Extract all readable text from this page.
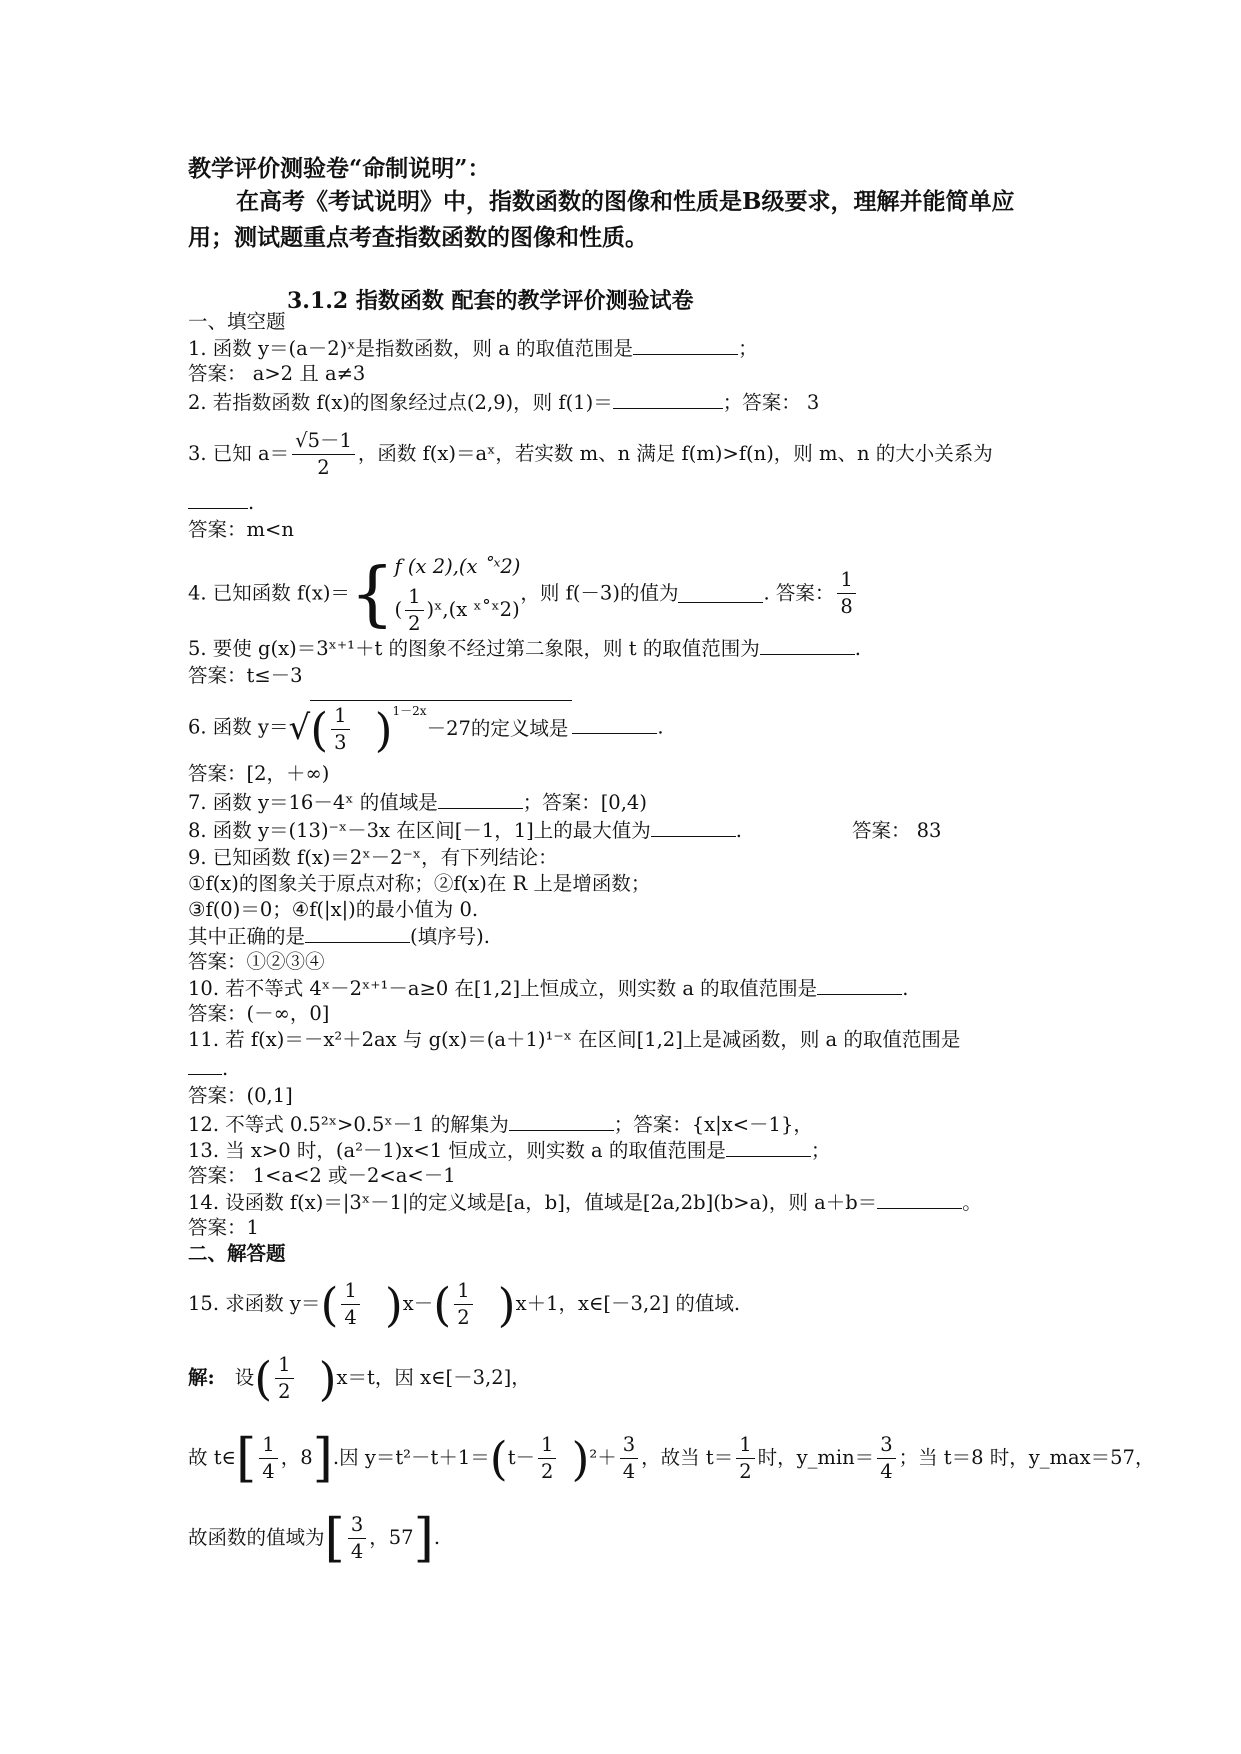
教学评价测验卷“命制说明”：
在高考《考试说明》中，指数函数的图像和性质是B级要求，理解并能简单应用；测试题重点考查指数函数的图像和性质。
3.1.2 指数函数 配套的教学评价测验试卷
一、填空题
1. 函数 y＝(a－2)ˣ是指数函数，则 a 的取值范围是	；
答案： a>2 且 a≠3
2. 若指数函数 f(x)的图象经过点(2,9)，则 f(1)＝	；答案： 3
3. 已知 $a= \frac{√5-1}{2}$ ，函数 f(x)＝aˣ，若实数 m、n 满足 f(m)>f(n)，则 m、n 的大小关系为
.
答案：m<n
4. 已知函数 f(x)＝{ f (x 2),(x ˚ˣ2)
( $\frac{1}{2}$ )ˣ,(x ˣ˚ˣ2)
，则 f(－3)的值为	. 答案： $\frac{1}{8}$
5. 要使 g(x)＝3ˣ⁺¹＋t 的图象不经过第二象限，则 t 的取值范围为	.
答案：t≤－3
6. 函数 $y=√( \frac{1}{3} )^{1-2x}-27$的定义域是	.
答案：[2，＋∞)
7. 函数 y＝16－4ˣ 的值域是	；答案：[0,4)
8. 函数 y＝(13)⁻ˣ－3x 在区间[－1，1]上的最大值为	.	答案： 83
9. 已知函数 f(x)＝2ˣ－2⁻ˣ，有下列结论：
①f(x)的图象关于原点对称；②f(x)在 R 上是增函数；
③f(0)＝0；④f(|x|)的最小值为 0.
其中正确的是	(填序号).
答案：①②③④
10. 若不等式 4ˣ－2ˣ⁺¹－a≥0 在[1,2]上恒成立，则实数 a 的取值范围是	.
答案：(－∞，0]
11. 若 f(x)＝－x²＋2ax 与 g(x)＝(a＋1)¹⁻ˣ 在区间[1,2]上是减函数，则 a 的取值范围是
.
答案：(0,1]
12. 不等式 0.5²ˣ>0.5ˣ－1 的解集为	；答案：{x|x<－1}，
13. 当 x>0 时，(a²－1)x<1 恒成立，则实数 a 的取值范围是	；
答案： 1<a<2 或－2<a<－1
14. 设函数 f(x)＝|3ˣ－1|的定义域是[a，b]，值域是[2a,2b](b>a)，则 a＋b＝	。
答案：1
二、解答题
15. 求函数 $y=( \frac{1}{4} )x-( \frac{1}{2} )x+1$，x∈[－3,2] 的值域.
解: 设( $\frac{1}{2} )x=t$，因 x∈[－3,2]，
故 t∈[ $\frac{1}{4}$ ，8].因 $y=t^2-t+1=(t- \frac{1}{2} )^2+ \frac{3}{4}$ ，故当 $t= \frac{1}{2}$ 时，y_min＝ $\frac{3}{4}$ ；当 t＝8 时，y_max＝57，
故函数的值域为[ $\frac{3}{4}$ ，57].
